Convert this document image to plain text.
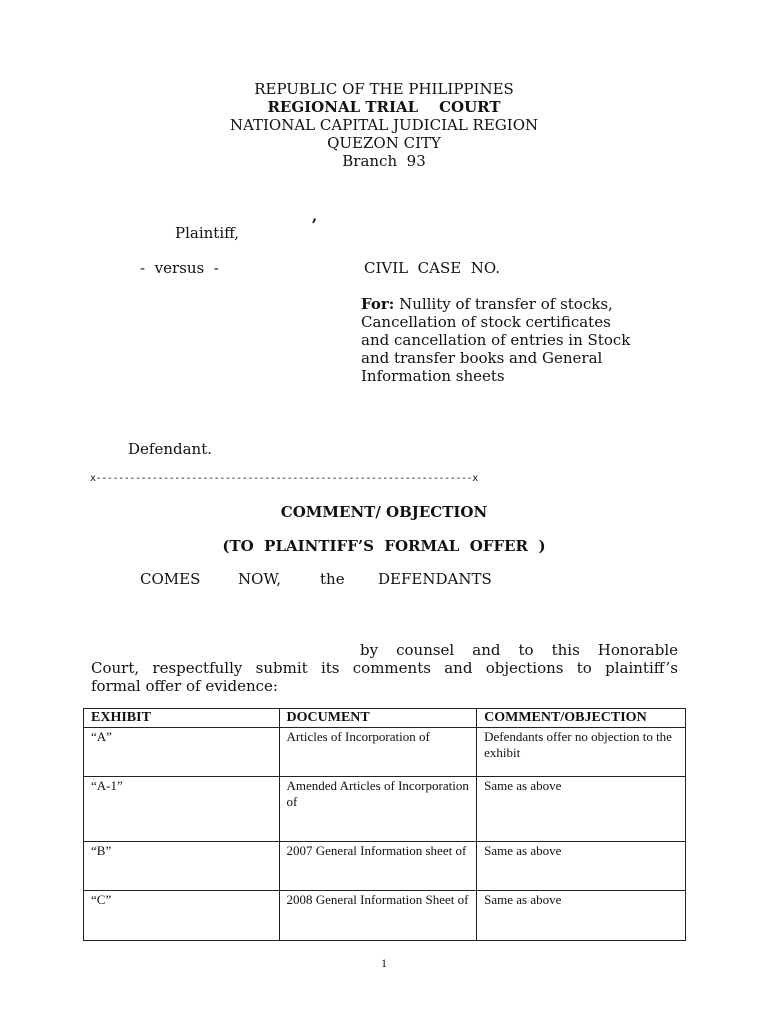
REPUBLIC OF THE PHILIPPINES
REGIONAL TRIAL    COURT
NATIONAL CAPITAL JUDICIAL REGION
QUEZON CITY
Branch  93
,
Plaintiff,
-  versus  -	CIVIL  CASE  NO.
For: Nullity of transfer of stocks,
Cancellation of stock certificates
and cancellation of entries in Stock
and transfer books and General
Information sheets
Defendant.
x-------------------------------------------------------------------x
COMMENT/ OBJECTION
(TO  PLAINTIFF’S  FORMAL  OFFER  )
COMES	NOW,	the DEFENDANTS
by counsel and to this Honorable
Court, respectfully submit its comments and objections to plaintiff’s
formal offer of evidence:
EXHIBIT	DOCUMENT	COMMENT/OBJECTION
“A”	Articles of Incorporation of	Defendants offer no objection to the exhibit
“A-1”	Amended Articles of Incorporation of	Same as above
“B”	2007 General Information sheet of	Same as above
“C”	2008 General Information Sheet of	Same as above
1
